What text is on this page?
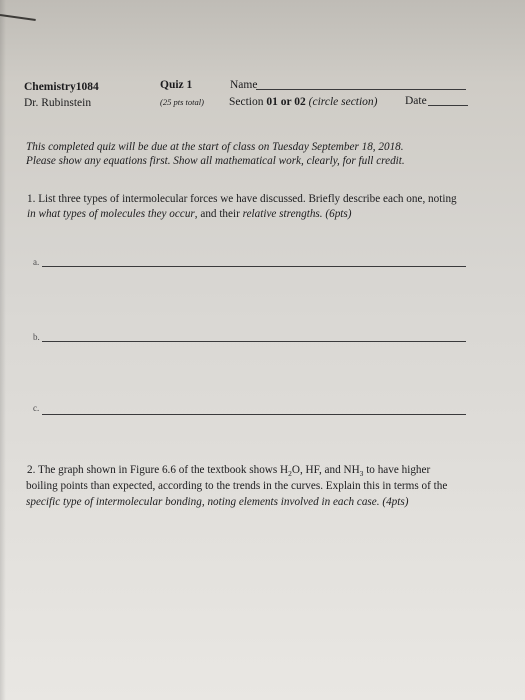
Chemistry1084
Dr. Rubinstein
Quiz 1
(25 pts total)
Name
Section 01 or 02 (circle section) Date
This completed quiz will be due at the start of class on Tuesday September 18, 2018.
Please show any equations first. Show all mathematical work, clearly, for full credit.
1. List three types of intermolecular forces we have discussed. Briefly describe each one, noting
in what types of molecules they occur, and their relative strengths. (6pts)
a.
b.
c.
2. The graph shown in Figure 6.6 of the textbook shows $H_2O$, HF, and $NH_3$ to have higher
boiling points than expected, according to the trends in the curves. Explain this in terms of the
specific type of intermolecular bonding, noting elements involved in each case. (4pts)
